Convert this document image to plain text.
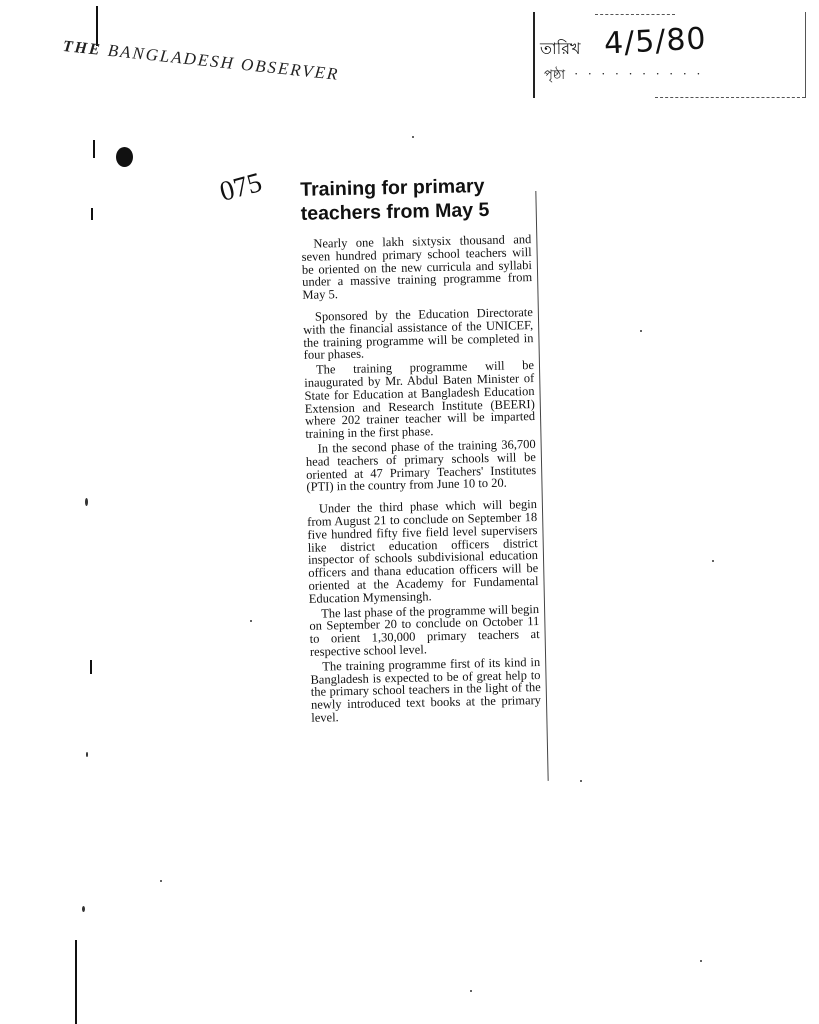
THE BANGLADESH OBSERVER	তারিখ 4/5/80
পৃষ্ঠা · · · · · · · · · ·
075 Training for primary
teachers from May 5

Nearly one lakh sixtysix thousand and seven hundred primary school teachers will be oriented on the new curricula and syllabi under a massive training programme from May 5.

Sponsored by the Education Directorate with the financial assistance of the UNICEF, the training programme will be completed in four phases.

The training programme will be inaugurated by Mr. Abdul Baten Minister of State for Education at Bangladesh Education Extension and Research Institute (BEERI) where 202 trainer teacher will be imparted training in the first phase.

In the second phase of the training 36,700 head teachers of primary schools will be oriented at 47 Primary Teachers' Institutes (PTI) in the country from June 10 to 20.

Under the third phase which will begin from August 21 to conclude on September 18 five hundred fifty five field level supervisers like district education officers district inspector of schools subdivisional education officers and thana education officers will be oriented at the Academy for Fundamental Education Mymensingh.

The last phase of the programme will begin on September 20 to conclude on October 11 to orient 1,30,000 primary teachers at respective school level.

The training programme first of its kind in Bangladesh is expected to be of great help to the primary school teachers in the light of the newly introduced text books at the primary level.
